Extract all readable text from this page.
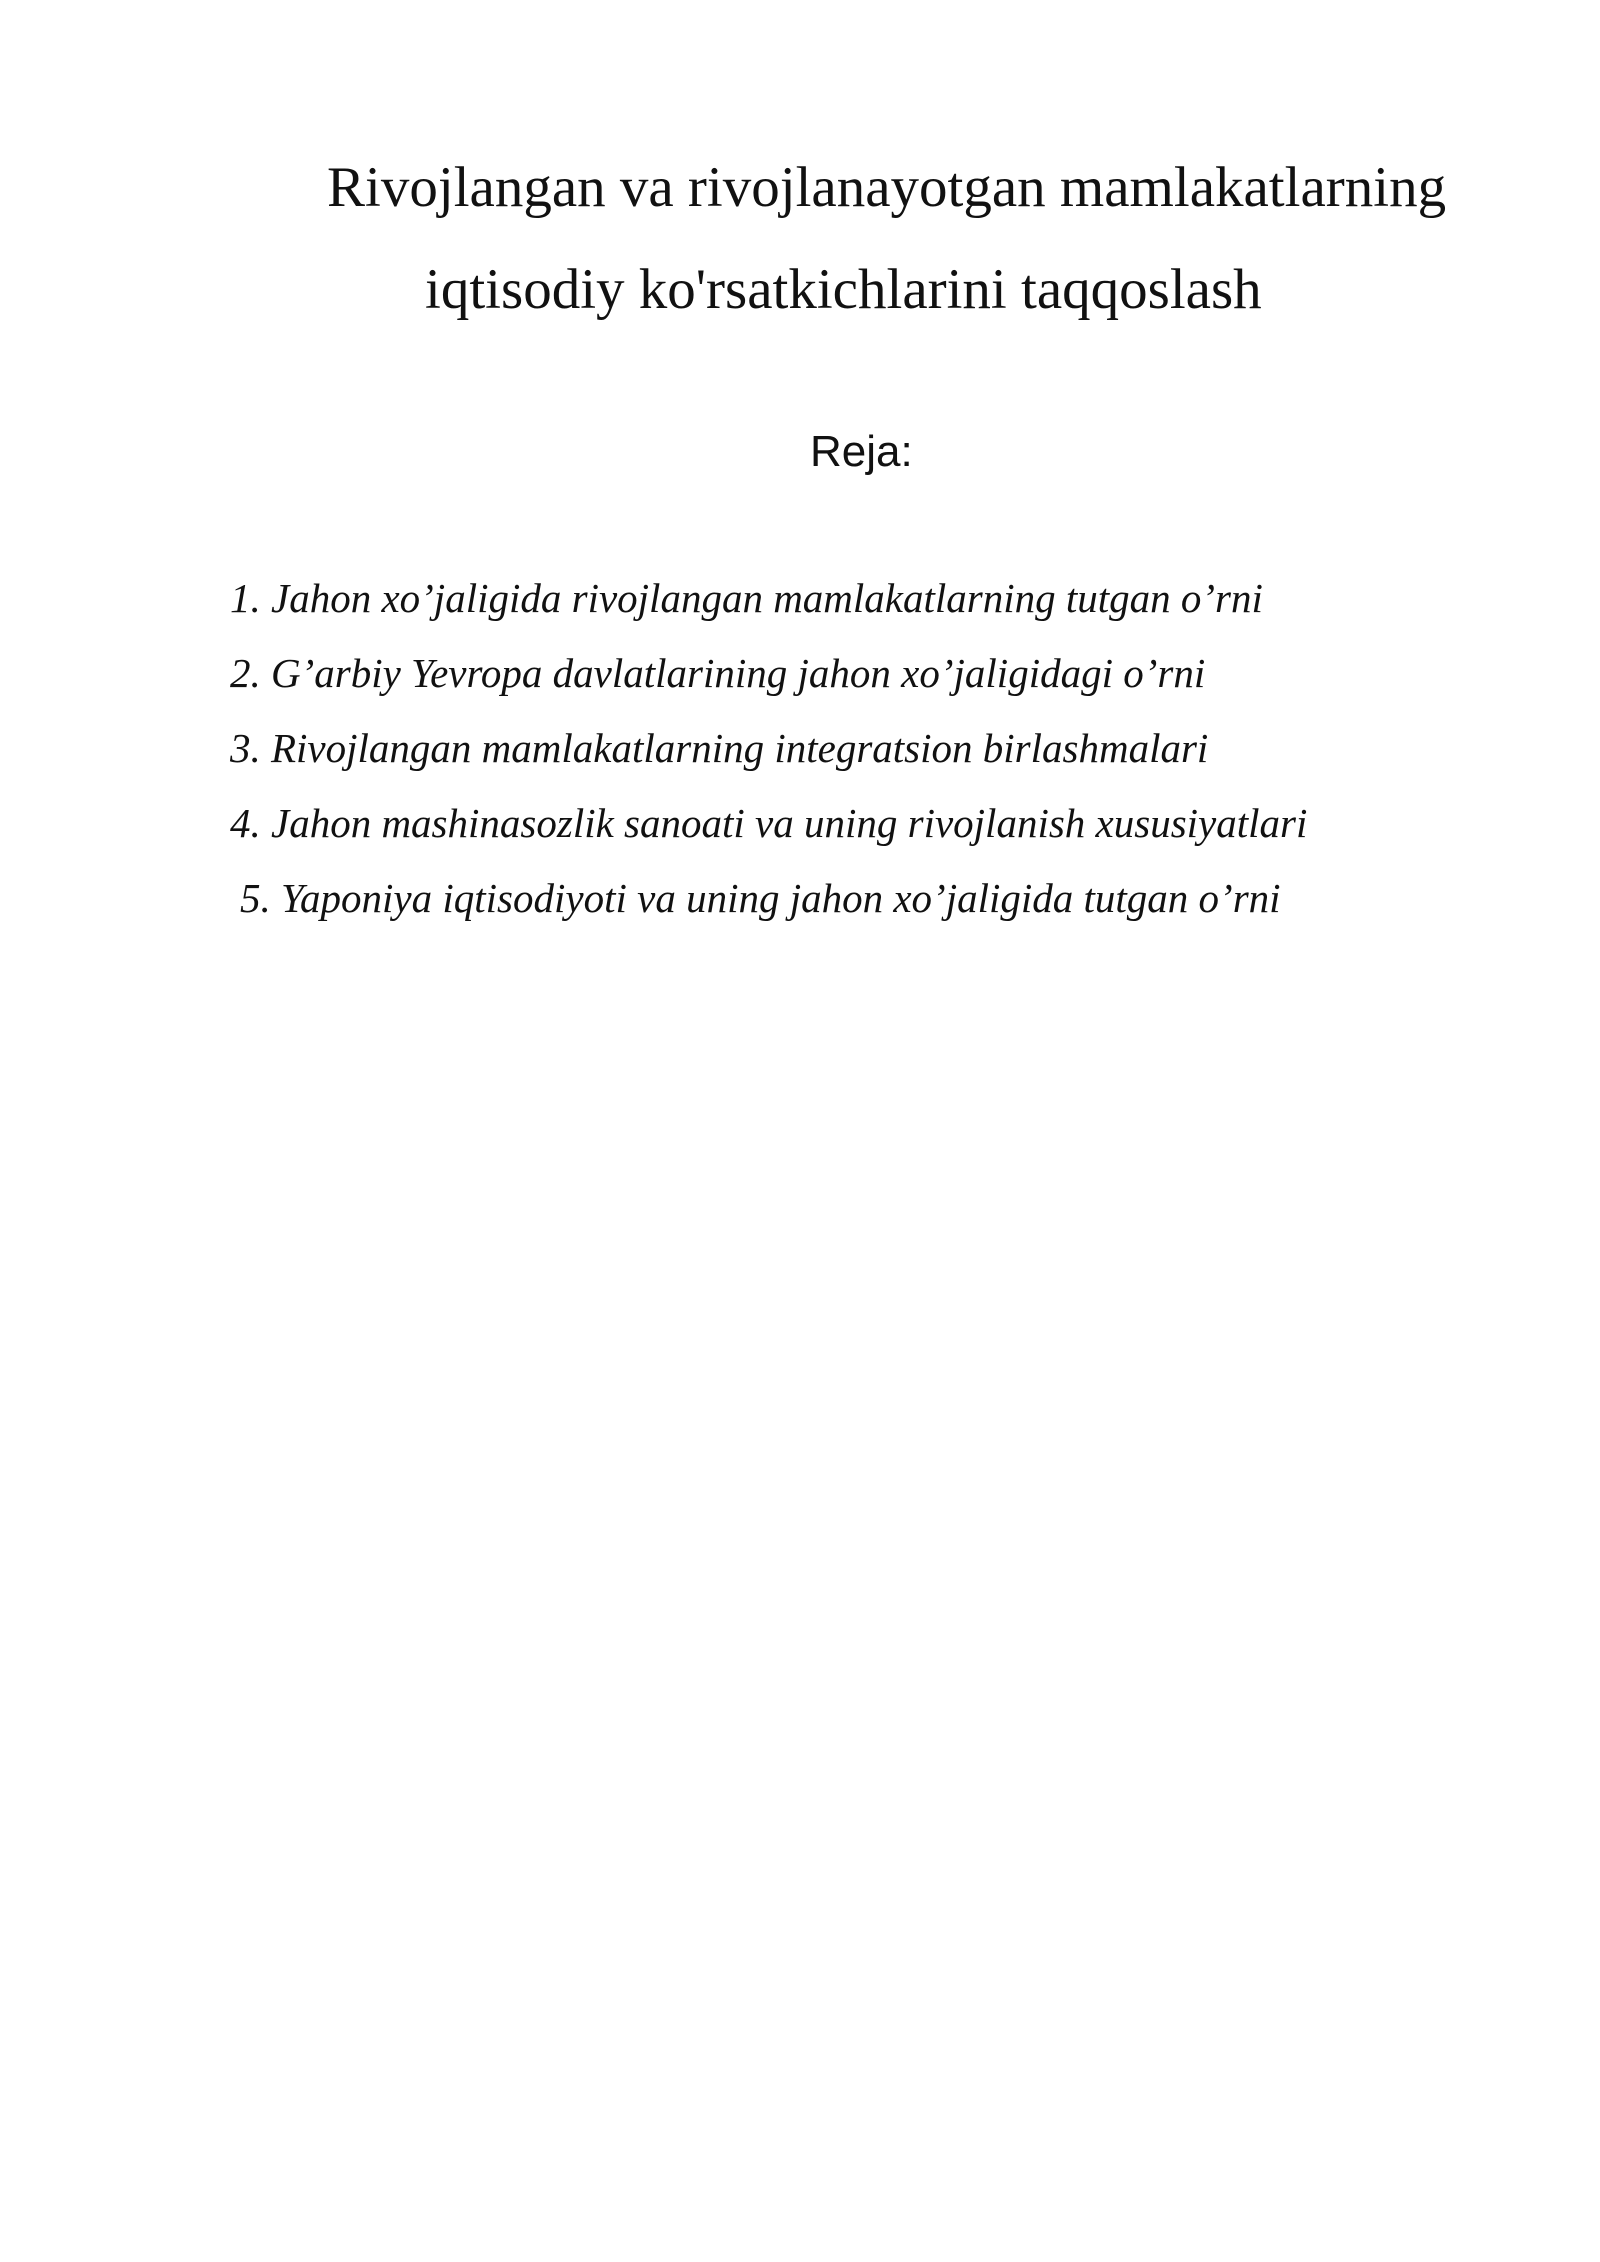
Rivojlangan va rivojlanayotgan mamlakatlarning
iqtisodiy ko'rsatkichlarini taqqoslash
Reja:
1. Jahon xo’jaligida rivojlangan mamlakatlarning tutgan o’rni
2. G’arbiy Yevropa davlatlarining jahon xo’jaligidagi o’rni
3. Rivojlangan mamlakatlarning integratsion birlashmalari
4. Jahon mashinasozlik sanoati va uning rivojlanish xususiyatlari
5. Yaponiya iqtisodiyoti va uning jahon xo’jaligida tutgan o’rni
